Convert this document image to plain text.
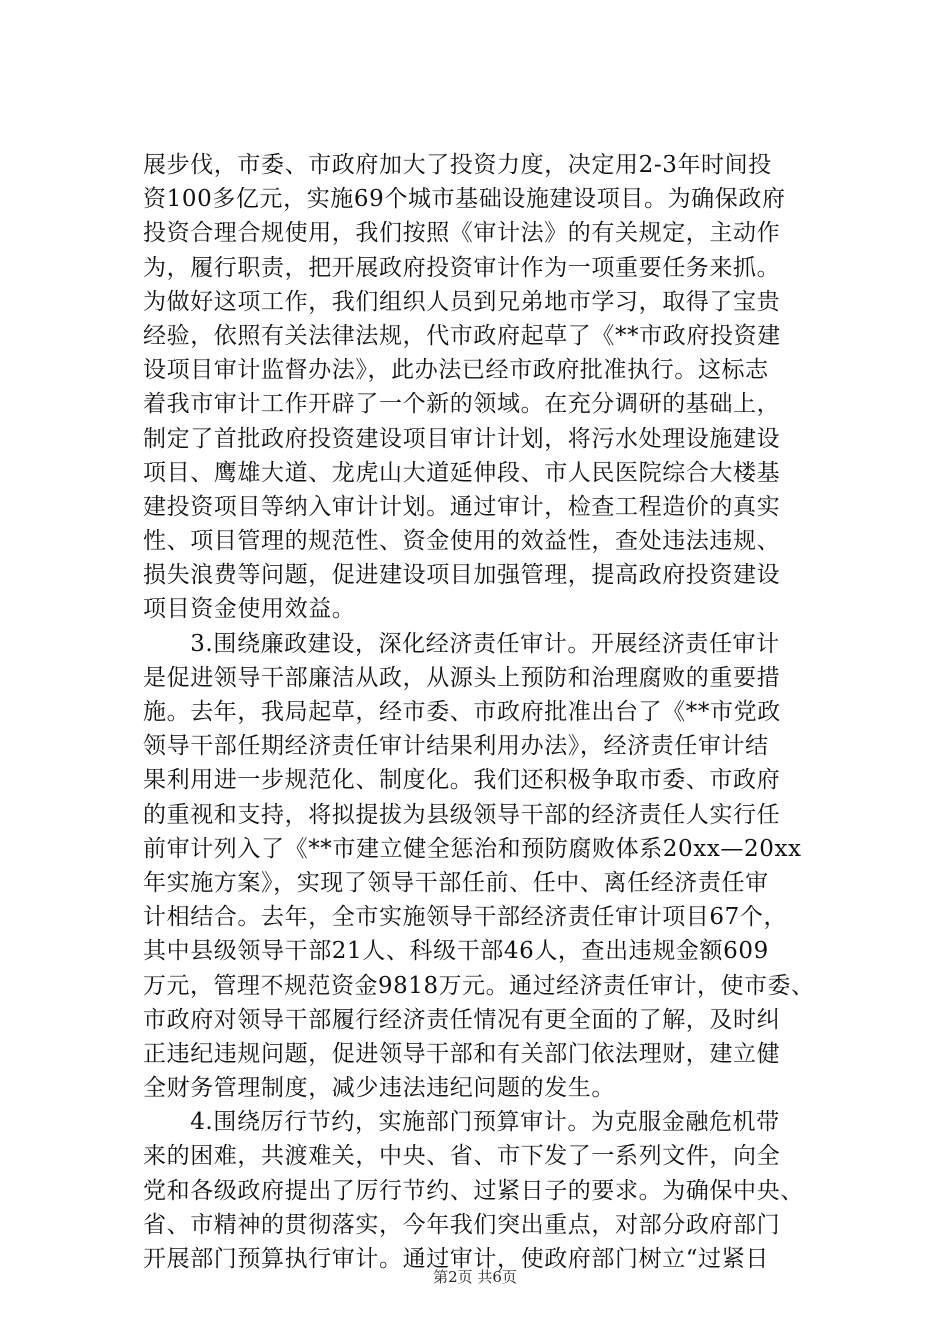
展步伐，市委、市政府加大了投资力度，决定用2-3年时间投
资100多亿元，实施69个城市基础设施建设项目。为确保政府
投资合理合规使用，我们按照《审计法》的有关规定，主动作
为，履行职责，把开展政府投资审计作为一项重要任务来抓。
为做好这项工作，我们组织人员到兄弟地市学习，取得了宝贵
经验，依照有关法律法规，代市政府起草了《**市政府投资建
设项目审计监督办法》，此办法已经市政府批准执行。这标志
着我市审计工作开辟了一个新的领域。在充分调研的基础上，
制定了首批政府投资建设项目审计计划，将污水处理设施建设
项目、鹰雄大道、龙虎山大道延伸段、市人民医院综合大楼基
建投资项目等纳入审计计划。通过审计，检查工程造价的真实
性、项目管理的规范性、资金使用的效益性，查处违法违规、
损失浪费等问题，促进建设项目加强管理，提高政府投资建设
项目资金使用效益。
　　3.围绕廉政建设，深化经济责任审计。开展经济责任审计
是促进领导干部廉洁从政，从源头上预防和治理腐败的重要措
施。去年，我局起草，经市委、市政府批准出台了《**市党政
领导干部任期经济责任审计结果利用办法》，经济责任审计结
果利用进一步规范化、制度化。我们还积极争取市委、市政府
的重视和支持，将拟提拔为县级领导干部的经济责任人实行任
前审计列入了《**市建立健全惩治和预防腐败体系20xx—20xx
年实施方案》，实现了领导干部任前、任中、离任经济责任审
计相结合。去年，全市实施领导干部经济责任审计项目67个，
其中县级领导干部21人、科级干部46人，查出违规金额609
万元，管理不规范资金9818万元。通过经济责任审计，使市委、
市政府对领导干部履行经济责任情况有更全面的了解，及时纠
正违纪违规问题，促进领导干部和有关部门依法理财，建立健
全财务管理制度，减少违法违纪问题的发生。
　　4.围绕厉行节约，实施部门预算审计。为克服金融危机带
来的困难，共渡难关，中央、省、市下发了一系列文件，向全
党和各级政府提出了厉行节约、过紧日子的要求。为确保中央、
省、市精神的贯彻落实，今年我们突出重点，对部分政府部门
开展部门预算执行审计。通过审计，使政府部门树立“过紧日
第2页 共6页
